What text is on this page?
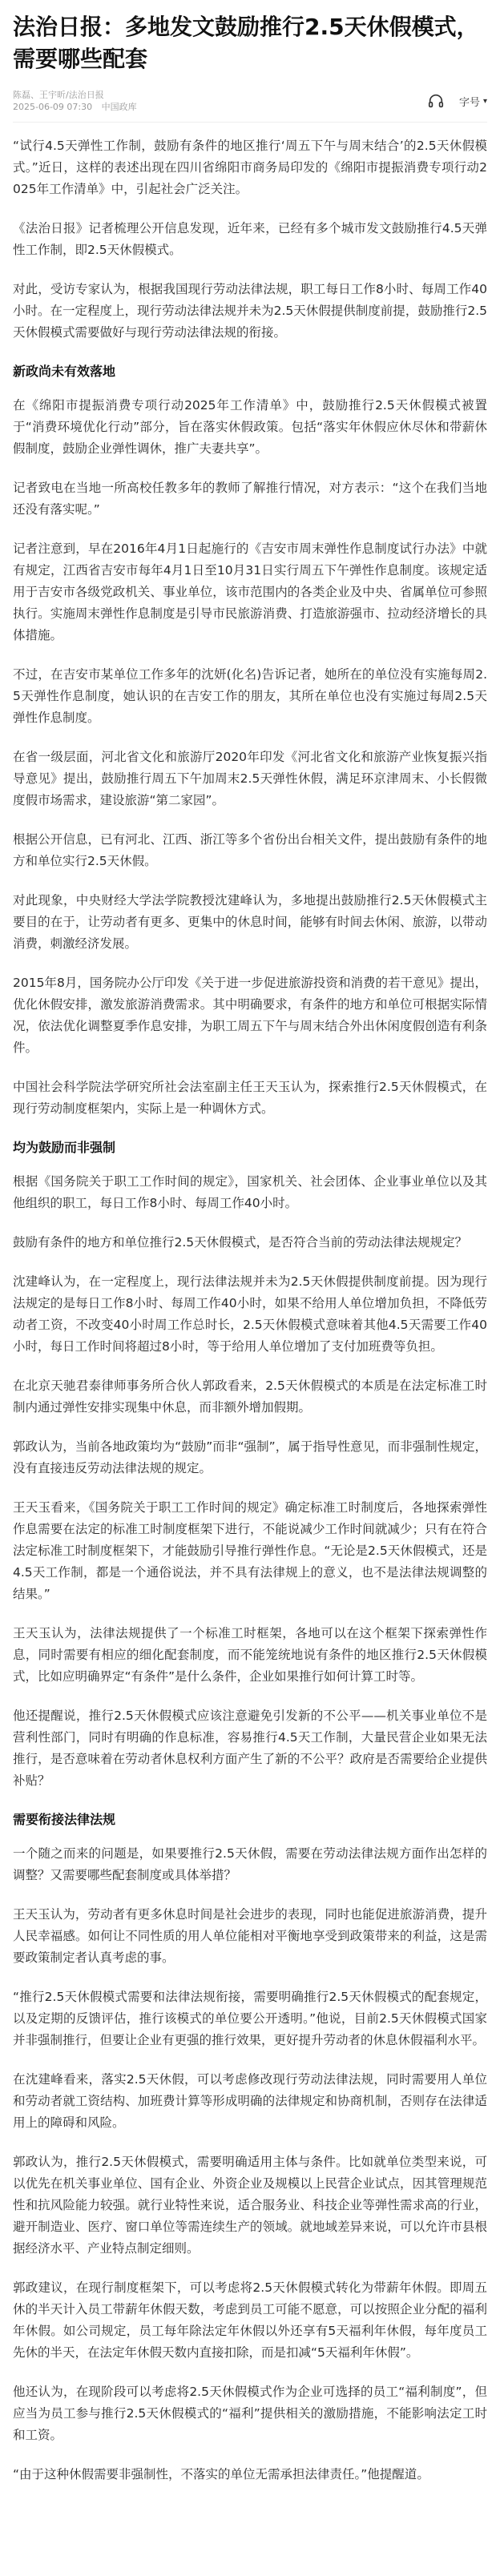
法治日报：多地发文鼓励推行2.5天休假模式，需要哪些配套
陈磊、王宇昕/法治日报
2025-06-09 07:30 中国政库	字号 ▾

“试行4.5天弹性工作制，鼓励有条件的地区推行‘周五下午与周末结合’的2.5天休假模式。”近日，这样的表述出现在四川省绵阳市商务局印发的《绵阳市提振消费专项行动2025年工作清单》中，引起社会广泛关注。

《法治日报》记者梳理公开信息发现，近年来，已经有多个城市发文鼓励推行4.5天弹性工作制，即2.5天休假模式。

对此，受访专家认为，根据我国现行劳动法律法规，职工每日工作8小时、每周工作40小时。在一定程度上，现行劳动法律法规并未为2.5天休假提供制度前提，鼓励推行2.5天休假模式需要做好与现行劳动法律法规的衔接。

新政尚未有效落地

在《绵阳市提振消费专项行动2025年工作清单》中，鼓励推行2.5天休假模式被置于“消费环境优化行动”部分，旨在落实休假政策。包括“落实年休假应休尽休和带薪休假制度，鼓励企业弹性调休，推广夫妻共享”。

记者致电在当地一所高校任教多年的教师了解推行情况，对方表示：“这个在我们当地还没有落实呢。”

记者注意到，早在2016年4月1日起施行的《吉安市周末弹性作息制度试行办法》中就有规定，江西省吉安市每年4月1日至10月31日实行周五下午弹性作息制度。该规定适用于吉安市各级党政机关、事业单位，该市范围内的各类企业及中央、省属单位可参照执行。实施周末弹性作息制度是引导市民旅游消费、打造旅游强市、拉动经济增长的具体措施。

不过，在吉安市某单位工作多年的沈妍(化名)告诉记者，她所在的单位没有实施每周2.5天弹性作息制度，她认识的在吉安工作的朋友，其所在单位也没有实施过每周2.5天弹性作息制度。

在省一级层面，河北省文化和旅游厅2020年印发《河北省文化和旅游产业恢复振兴指导意见》提出，鼓励推行周五下午加周末2.5天弹性休假，满足环京津周末、小长假微度假市场需求，建设旅游“第二家园”。

根据公开信息，已有河北、江西、浙江等多个省份出台相关文件，提出鼓励有条件的地方和单位实行2.5天休假。

对此现象，中央财经大学法学院教授沈建峰认为，多地提出鼓励推行2.5天休假模式主要目的在于，让劳动者有更多、更集中的休息时间，能够有时间去休闲、旅游，以带动消费，刺激经济发展。

2015年8月，国务院办公厅印发《关于进一步促进旅游投资和消费的若干意见》提出，优化休假安排，激发旅游消费需求。其中明确要求，有条件的地方和单位可根据实际情况，依法优化调整夏季作息安排，为职工周五下午与周末结合外出休闲度假创造有利条件。

中国社会科学院法学研究所社会法室副主任王天玉认为，探索推行2.5天休假模式，在现行劳动制度框架内，实际上是一种调休方式。

均为鼓励而非强制

根据《国务院关于职工工作时间的规定》，国家机关、社会团体、企业事业单位以及其他组织的职工，每日工作8小时、每周工作40小时。

鼓励有条件的地方和单位推行2.5天休假模式，是否符合当前的劳动法律法规规定？

沈建峰认为，在一定程度上，现行法律法规并未为2.5天休假提供制度前提。因为现行法规定的是每日工作8小时、每周工作40小时，如果不给用人单位增加负担，不降低劳动者工资，不改变40小时周工作总时长，2.5天休假模式意味着其他4.5天需要工作40小时，每日工作时间将超过8小时，等于给用人单位增加了支付加班费等负担。

在北京天驰君泰律师事务所合伙人郭政看来，2.5天休假模式的本质是在法定标准工时制内通过弹性安排实现集中休息，而非额外增加假期。

郭政认为，当前各地政策均为“鼓励”而非“强制”，属于指导性意见，而非强制性规定，没有直接违反劳动法律法规的规定。

王天玉看来，《国务院关于职工工作时间的规定》确定标准工时制度后，各地探索弹性作息需要在法定的标准工时制度框架下进行，不能说减少工作时间就减少；只有在符合法定标准工时制度框架下，才能鼓励引导推行弹性作息。“无论是2.5天休假模式，还是4.5天工作制，都是一个通俗说法，并不具有法律规上的意义，也不是法律法规调整的结果。”

王天玉认为，法律法规提供了一个标准工时框架，各地可以在这个框架下探索弹性作息，同时需要有相应的细化配套制度，而不能笼统地说有条件的地区推行2.5天休假模式，比如应明确界定“有条件”是什么条件，企业如果推行如何计算工时等。

他还提醒说，推行2.5天休假模式应该注意避免引发新的不公平——机关事业单位不是营利性部门，同时有明确的作息标准，容易推行4.5天工作制，大量民营企业如果无法推行，是否意味着在劳动者休息权利方面产生了新的不公平？政府是否需要给企业提供补贴？

需要衔接法律法规

一个随之而来的问题是，如果要推行2.5天休假，需要在劳动法律法规方面作出怎样的调整？又需要哪些配套制度或具体举措？

王天玉认为，劳动者有更多休息时间是社会进步的表现，同时也能促进旅游消费，提升人民幸福感。如何让不同性质的用人单位能相对平衡地享受到政策带来的利益，这是需要政策制定者认真考虑的事。

“推行2.5天休假模式需要和法律法规衔接，需要明确推行2.5天休假模式的配套规定，以及定期的反馈评估，推行该模式的单位要公开透明。”他说，目前2.5天休假模式国家并非强制推行，但要让企业有更强的推行效果，更好提升劳动者的休息休假福利水平。

在沈建峰看来，落实2.5天休假，可以考虑修改现行劳动法律法规，同时需要用人单位和劳动者就工资结构、加班费计算等形成明确的法律规定和协商机制，否则存在法律适用上的障碍和风险。

郭政认为，推行2.5天休假模式，需要明确适用主体与条件。比如就单位类型来说，可以优先在机关事业单位、国有企业、外资企业及规模以上民营企业试点，因其管理规范性和抗风险能力较强。就行业特性来说，适合服务业、科技企业等弹性需求高的行业，避开制造业、医疗、窗口单位等需连续生产的领域。就地域差异来说，可以允许市县根据经济水平、产业特点制定细则。

郭政建议，在现行制度框架下，可以考虑将2.5天休假模式转化为带薪年休假。即周五休的半天计入员工带薪年休假天数，考虑到员工可能不愿意，可以按照企业分配的福利年休假。如公司规定，员工每年除法定年休假以外还享有5天福利年休假，每年度员工先休的半天，在法定年休假天数内直接扣除，而是扣减“5天福利年休假”。

他还认为，在现阶段可以考虑将2.5天休假模式作为企业可选择的员工“福利制度”，但应当为员工参与推行2.5天休假模式的“福利”提供相关的激励措施，不能影响法定工时和工资。

“由于这种休假需要非强制性，不落实的单位无需承担法律责任。”他提醒道。
